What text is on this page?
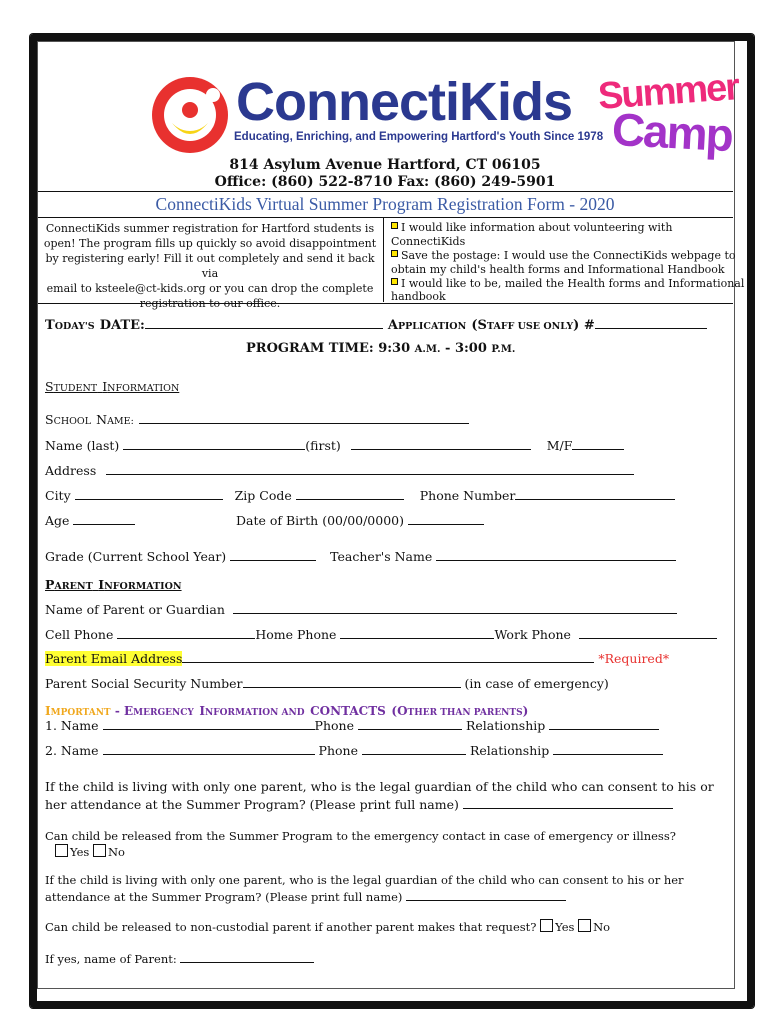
ConnectiKids
Educating, Enriching, and Empowering Hartford's Youth Since 1978
Summer
Camp
814 Asylum Avenue Hartford, CT 06105
Office: (860) 522-8710 Fax: (860) 249-5901
ConnectiKids Virtual Summer Program Registration Form - 2020
ConnectiKids summer registration for Hartford students is
open! The program fills up quickly so avoid disappointment
by registering early! Fill it out completely and send it back via
email to ksteele@ct-kids.org or you can drop the complete
registration to our office.
I would like information about volunteering with
ConnectiKids
Save the postage: I would use the ConnectiKids webpage to
obtain my child's health forms and Informational Handbook
I would like to be, mailed the Health forms and Informational
handbook
TODAY'S DATE:	APPLICATION (STAFF USE ONLY) #
PROGRAM TIME: 9:30 A.M. - 3:00 P.M.
STUDENT INFORMATION
SCHOOL NAME:
Name (last)	(first)	M/F
Address
City	Zip Code	Phone Number
Age	Date of Birth (00/00/0000)
Grade (Current School Year)	Teacher's Name
PARENT INFORMATION
Name of Parent or Guardian
Cell Phone	Home Phone	Work Phone
Parent Email Address	*Required*
Parent Social Security Number	(in case of emergency)
IMPORTANT - EMERGENCY INFORMATION AND CONTACTS (OTHER THAN PARENTS)
1. Name	Phone	Relationship
2. Name	Phone	Relationship
If the child is living with only one parent, who is the legal guardian of the child who can consent to his or
her attendance at the Summer Program? (Please print full name)
Can child be released from the Summer Program to the emergency contact in case of emergency or illness?
Yes No
If the child is living with only one parent, who is the legal guardian of the child who can consent to his or her
attendance at the Summer Program? (Please print full name)
Can child be released to non-custodial parent if another parent makes that request? Yes No
If yes, name of Parent:
